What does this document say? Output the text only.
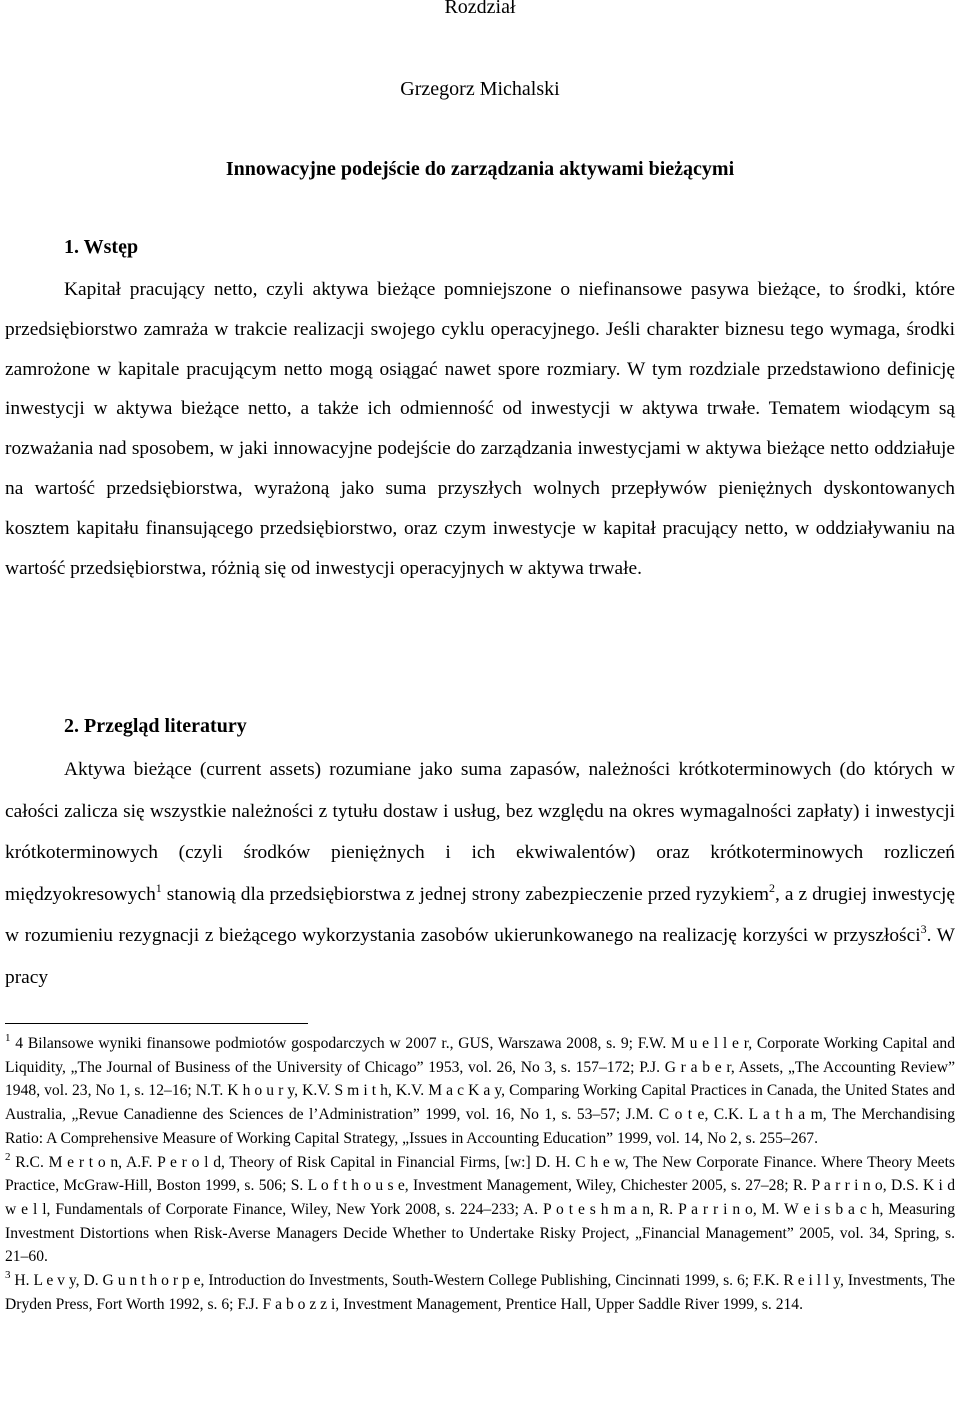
Rozdział

Grzegorz Michalski

Innowacyjne podejście do zarządzania aktywami bieżącymi

1. Wstęp

Kapitał pracujący netto, czyli aktywa bieżące pomniejszone o niefinansowe pasywa bieżące, to środki, które przedsiębiorstwo zamraża w trakcie realizacji swojego cyklu operacyjnego. Jeśli charakter biznesu tego wymaga, środki zamrożone w kapitale pracującym netto mogą osiągać nawet spore rozmiary. W tym rozdziale przedstawiono definicję inwestycji w aktywa bieżące netto, a także ich odmienność od inwestycji w aktywa trwałe. Tematem wiodącym są rozważania nad sposobem, w jaki innowacyjne podejście do zarządzania inwestycjami w aktywa bieżące netto oddziałuje na wartość przedsiębiorstwa, wyrażoną jako suma przyszłych wolnych przepływów pieniężnych dyskontowanych kosztem kapitału finansującego przedsiębiorstwo, oraz czym inwestycje w kapitał pracujący netto, w oddziaływaniu na wartość przedsiębiorstwa, różnią się od inwestycji operacyjnych w aktywa trwałe.

2. Przegląd literatury

Aktywa bieżące (current assets) rozumiane jako suma zapasów, należności krótkoterminowych (do których w całości zalicza się wszystkie należności z tytułu dostaw i usług, bez względu na okres wymagalności zapłaty) i inwestycji krótkoterminowych (czyli środków pieniężnych i ich ekwiwalentów) oraz krótkoterminowych rozliczeń międzyokresowych$^1$ stanowią dla przedsiębiorstwa z jednej strony zabezpieczenie przed ryzykiem$^2$, a z drugiej inwestycję w rozumieniu rezygnacji z bieżącego wykorzystania zasobów ukierunkowanego na realizację korzyści w przyszłości$^3$. W pracy

$^1$ 4 Bilansowe wyniki finansowe podmiotów gospodarczych w 2007 r., GUS, Warszawa 2008, s. 9; F.W. M u e l l e r, Corporate Working Capital and Liquidity, „The Journal of Business of the University of Chicago” 1953, vol. 26, No 3, s. 157–172; P.J. G r a b e r, Assets, „The Accounting Review” 1948, vol. 23, No 1, s. 12–16; N.T. K h o u r y, K.V. S m i t h, K.V. M a c K a y, Comparing Working Capital Practices in Canada, the United States and Australia, „Revue Canadienne des Sciences de l’Administration” 1999, vol. 16, No 1, s. 53–57; J.M. C o t e, C.K. L a t h a m, The Merchandising Ratio: A Comprehensive Measure of Working Capital Strategy, „Issues in Accounting Education” 1999, vol. 14, No 2, s. 255–267.

$^2$ R.C. M e r t o n, A.F. P e r o l d, Theory of Risk Capital in Financial Firms, [w:] D. H. C h e w, The New Corporate Finance. Where Theory Meets Practice, McGraw-Hill, Boston 1999, s. 506; S. L o f t h o u s e, Investment Management, Wiley, Chichester 2005, s. 27–28; R. P a r r i n o, D.S. K i d w e l l, Fundamentals of Corporate Finance, Wiley, New York 2008, s. 224–233; A. P o t e s h m a n, R. P a r r i n o, M. W e i s b a c h, Measuring Investment Distortions when Risk-Averse Managers Decide Whether to Undertake Risky Project, „Financial Management” 2005, vol. 34, Spring, s. 21–60.

$^3$ H. L e v y, D. G u n t h o r p e, Introduction do Investments, South-Western College Publishing, Cincinnati 1999, s. 6; F.K. R e i l l y, Investments, The Dryden Press, Fort Worth 1992, s. 6; F.J. F a b o z z i, Investment Management, Prentice Hall, Upper Saddle River 1999, s. 214.
